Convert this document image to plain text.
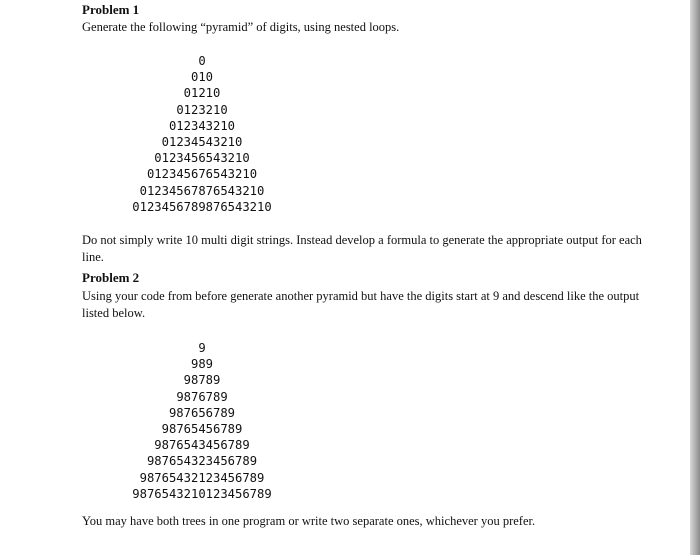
Problem 1
Generate the following “pyramid” of digits, using nested loops.
0
010
01210
0123210
012343210
01234543210
0123456543210
012345676543210
01234567876543210
0123456789876543210
Do not simply write 10 multi digit strings. Instead develop a formula to generate the appropriate output for each line.
Problem 2
Using your code from before generate another pyramid but have the digits start at 9 and descend like the output listed below.
9
989
98789
9876789
987656789
98765456789
9876543456789
987654323456789
98765432123456789
9876543210123456789
You may have both trees in one program or write two separate ones, whichever you prefer.
